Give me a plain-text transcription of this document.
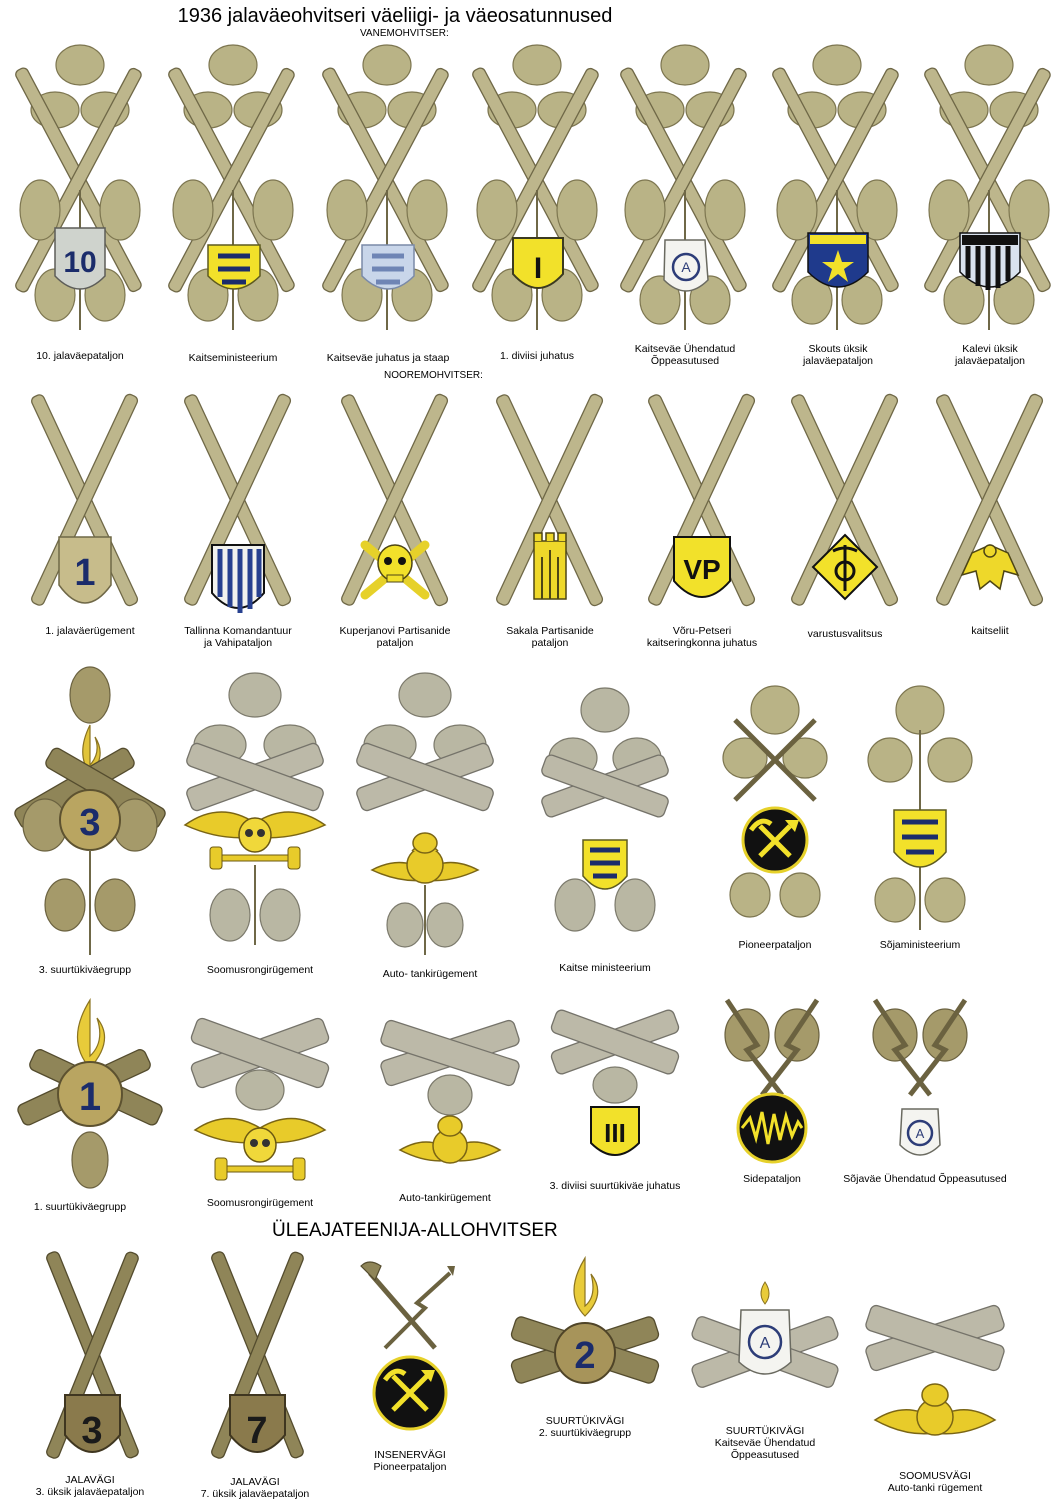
1936 jalaväeohvitseri väeliigi- ja väeosatunnused
VANEMOHVITSER:
NOOREMOHVITSER:
ÜLEAJATEENIJA-ALLOHVITSER
10
10. jalaväepataljon	Kaitseministeerium	Kaitseväe juhatus ja staap
I
1. diviisi juhatus
A
Kaitseväe Ühendatud
Õppeasutused
Skouts üksik
jalaväepataljon
Kalevi üksik
jalaväepataljon
1
1. jalaväerügement	Tallinna Komandantuur
ja Vahipataljon
Kuperjanovi Partisanide
pataljon
Sakala Partisanide
pataljon
VP
Võru-Petseri
kaitseringkonna juhatus
varustusvalitsus	kaitseliit
3
3. suurtükiväegrupp	Soomusrongirügement	Auto- tankirügement	Kaitse ministeerium
Pioneerpataljon	Sõjaministeerium
1
1. suurtükiväegrupp	Soomusrongirügement	Auto-tankirügement
III
3. diviisi suurtükiväe juhatus
Sidepataljon
A
Sõjaväe Ühendatud Õppeasutused
3
JALAVÄGI
3. üksik jalaväepataljon
7
JALAVÄGI
7. üksik jalaväepataljon
INSENERVÄGI
Pioneerpataljon
2
SUURTÜKIVÄGI
2. suurtükiväegrupp
A
SUURTÜKIVÄGI
Kaitseväe Ühendatud
Õppeasutused
SOOMUSVÄGI
Auto-tanki rügement
